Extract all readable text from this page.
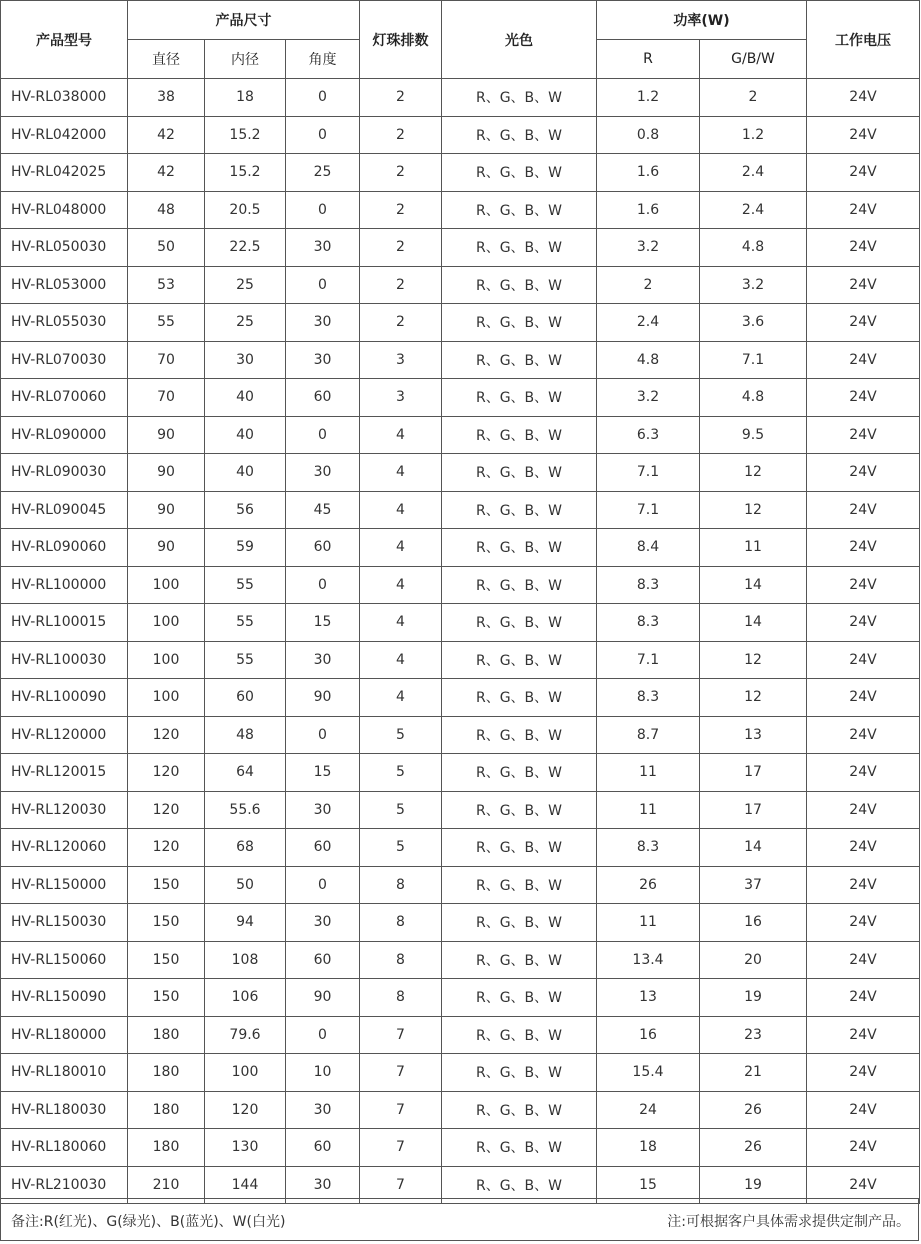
产品型号	产品尺寸			灯珠排数	光色	功率(W)		工作电压
	直径	内径	角度			R	G/B/W	
HV-RL038000	38	18	0	2	R、G、B、W	1.2	2	24V
HV-RL042000	42	15.2	0	2	R、G、B、W	0.8	1.2	24V
HV-RL042025	42	15.2	25	2	R、G、B、W	1.6	2.4	24V
HV-RL048000	48	20.5	0	2	R、G、B、W	1.6	2.4	24V
HV-RL050030	50	22.5	30	2	R、G、B、W	3.2	4.8	24V
HV-RL053000	53	25	0	2	R、G、B、W	2	3.2	24V
HV-RL055030	55	25	30	2	R、G、B、W	2.4	3.6	24V
HV-RL070030	70	30	30	3	R、G、B、W	4.8	7.1	24V
HV-RL070060	70	40	60	3	R、G、B、W	3.2	4.8	24V
HV-RL090000	90	40	0	4	R、G、B、W	6.3	9.5	24V
HV-RL090030	90	40	30	4	R、G、B、W	7.1	12	24V
HV-RL090045	90	56	45	4	R、G、B、W	7.1	12	24V
HV-RL090060	90	59	60	4	R、G、B、W	8.4	11	24V
HV-RL100000	100	55	0	4	R、G、B、W	8.3	14	24V
HV-RL100015	100	55	15	4	R、G、B、W	8.3	14	24V
HV-RL100030	100	55	30	4	R、G、B、W	7.1	12	24V
HV-RL100090	100	60	90	4	R、G、B、W	8.3	12	24V
HV-RL120000	120	48	0	5	R、G、B、W	8.7	13	24V
HV-RL120015	120	64	15	5	R、G、B、W	11	17	24V
HV-RL120030	120	55.6	30	5	R、G、B、W	11	17	24V
HV-RL120060	120	68	60	5	R、G、B、W	8.3	14	24V
HV-RL150000	150	50	0	8	R、G、B、W	26	37	24V
HV-RL150030	150	94	30	8	R、G、B、W	11	16	24V
HV-RL150060	150	108	60	8	R、G、B、W	13.4	20	24V
HV-RL150090	150	106	90	8	R、G、B、W	13	19	24V
HV-RL180000	180	79.6	0	7	R、G、B、W	16	23	24V
HV-RL180010	180	100	10	7	R、G、B、W	15.4	21	24V
HV-RL180030	180	120	30	7	R、G、B、W	24	26	24V
HV-RL180060	180	130	60	7	R、G、B、W	18	26	24V
HV-RL210030	210	144	30	7	R、G、B、W	15	19	24V
备注:R(红光)、G(绿光)、B(蓝光)、W(白光)	注:可根据客户具体需求提供定制产品。
